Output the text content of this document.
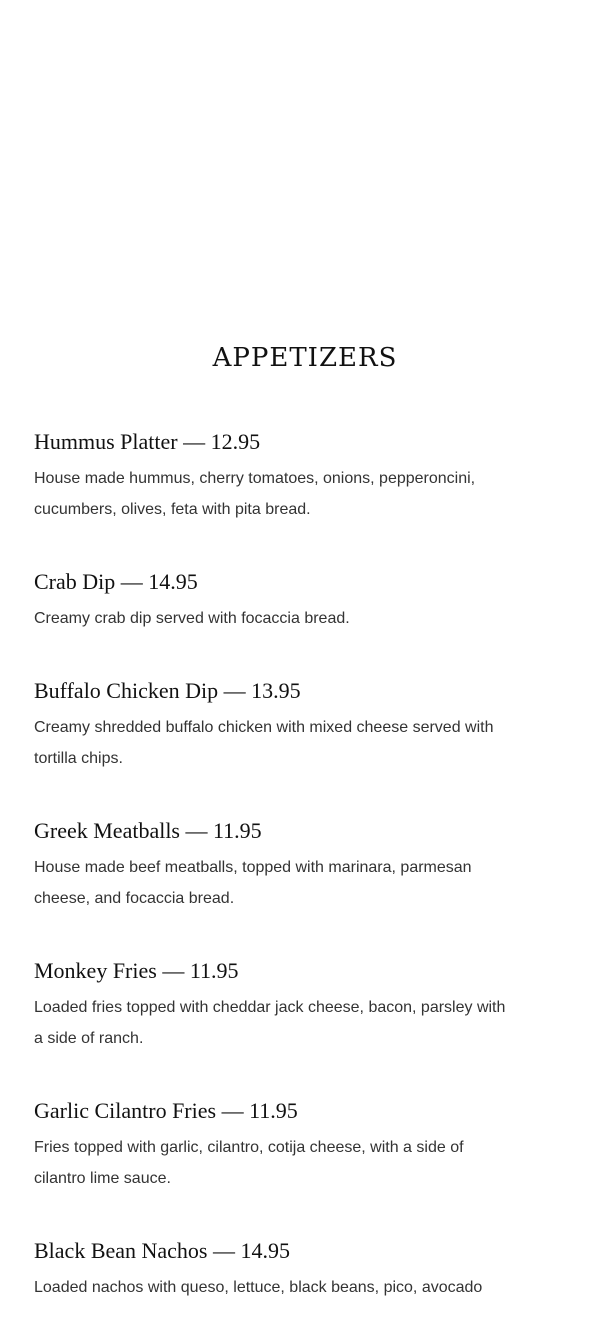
APPETIZERS
Hummus Platter — 12.95

House made hummus, cherry tomatoes, onions, pepperoncini, cucumbers, olives, feta with pita bread.

Crab Dip — 14.95

Creamy crab dip served with focaccia bread.

Buffalo Chicken Dip — 13.95

Creamy shredded buffalo chicken with mixed cheese served with tortilla chips.

Greek Meatballs — 11.95

House made beef meatballs, topped with marinara, parmesan cheese, and focaccia bread.

Monkey Fries — 11.95

Loaded fries topped with cheddar jack cheese, bacon, parsley with a side of ranch.

Garlic Cilantro Fries — 11.95

Fries topped with garlic, cilantro, cotija cheese, with a side of cilantro lime sauce.

Black Bean Nachos — 14.95

Loaded nachos with queso, lettuce, black beans, pico, avocado
